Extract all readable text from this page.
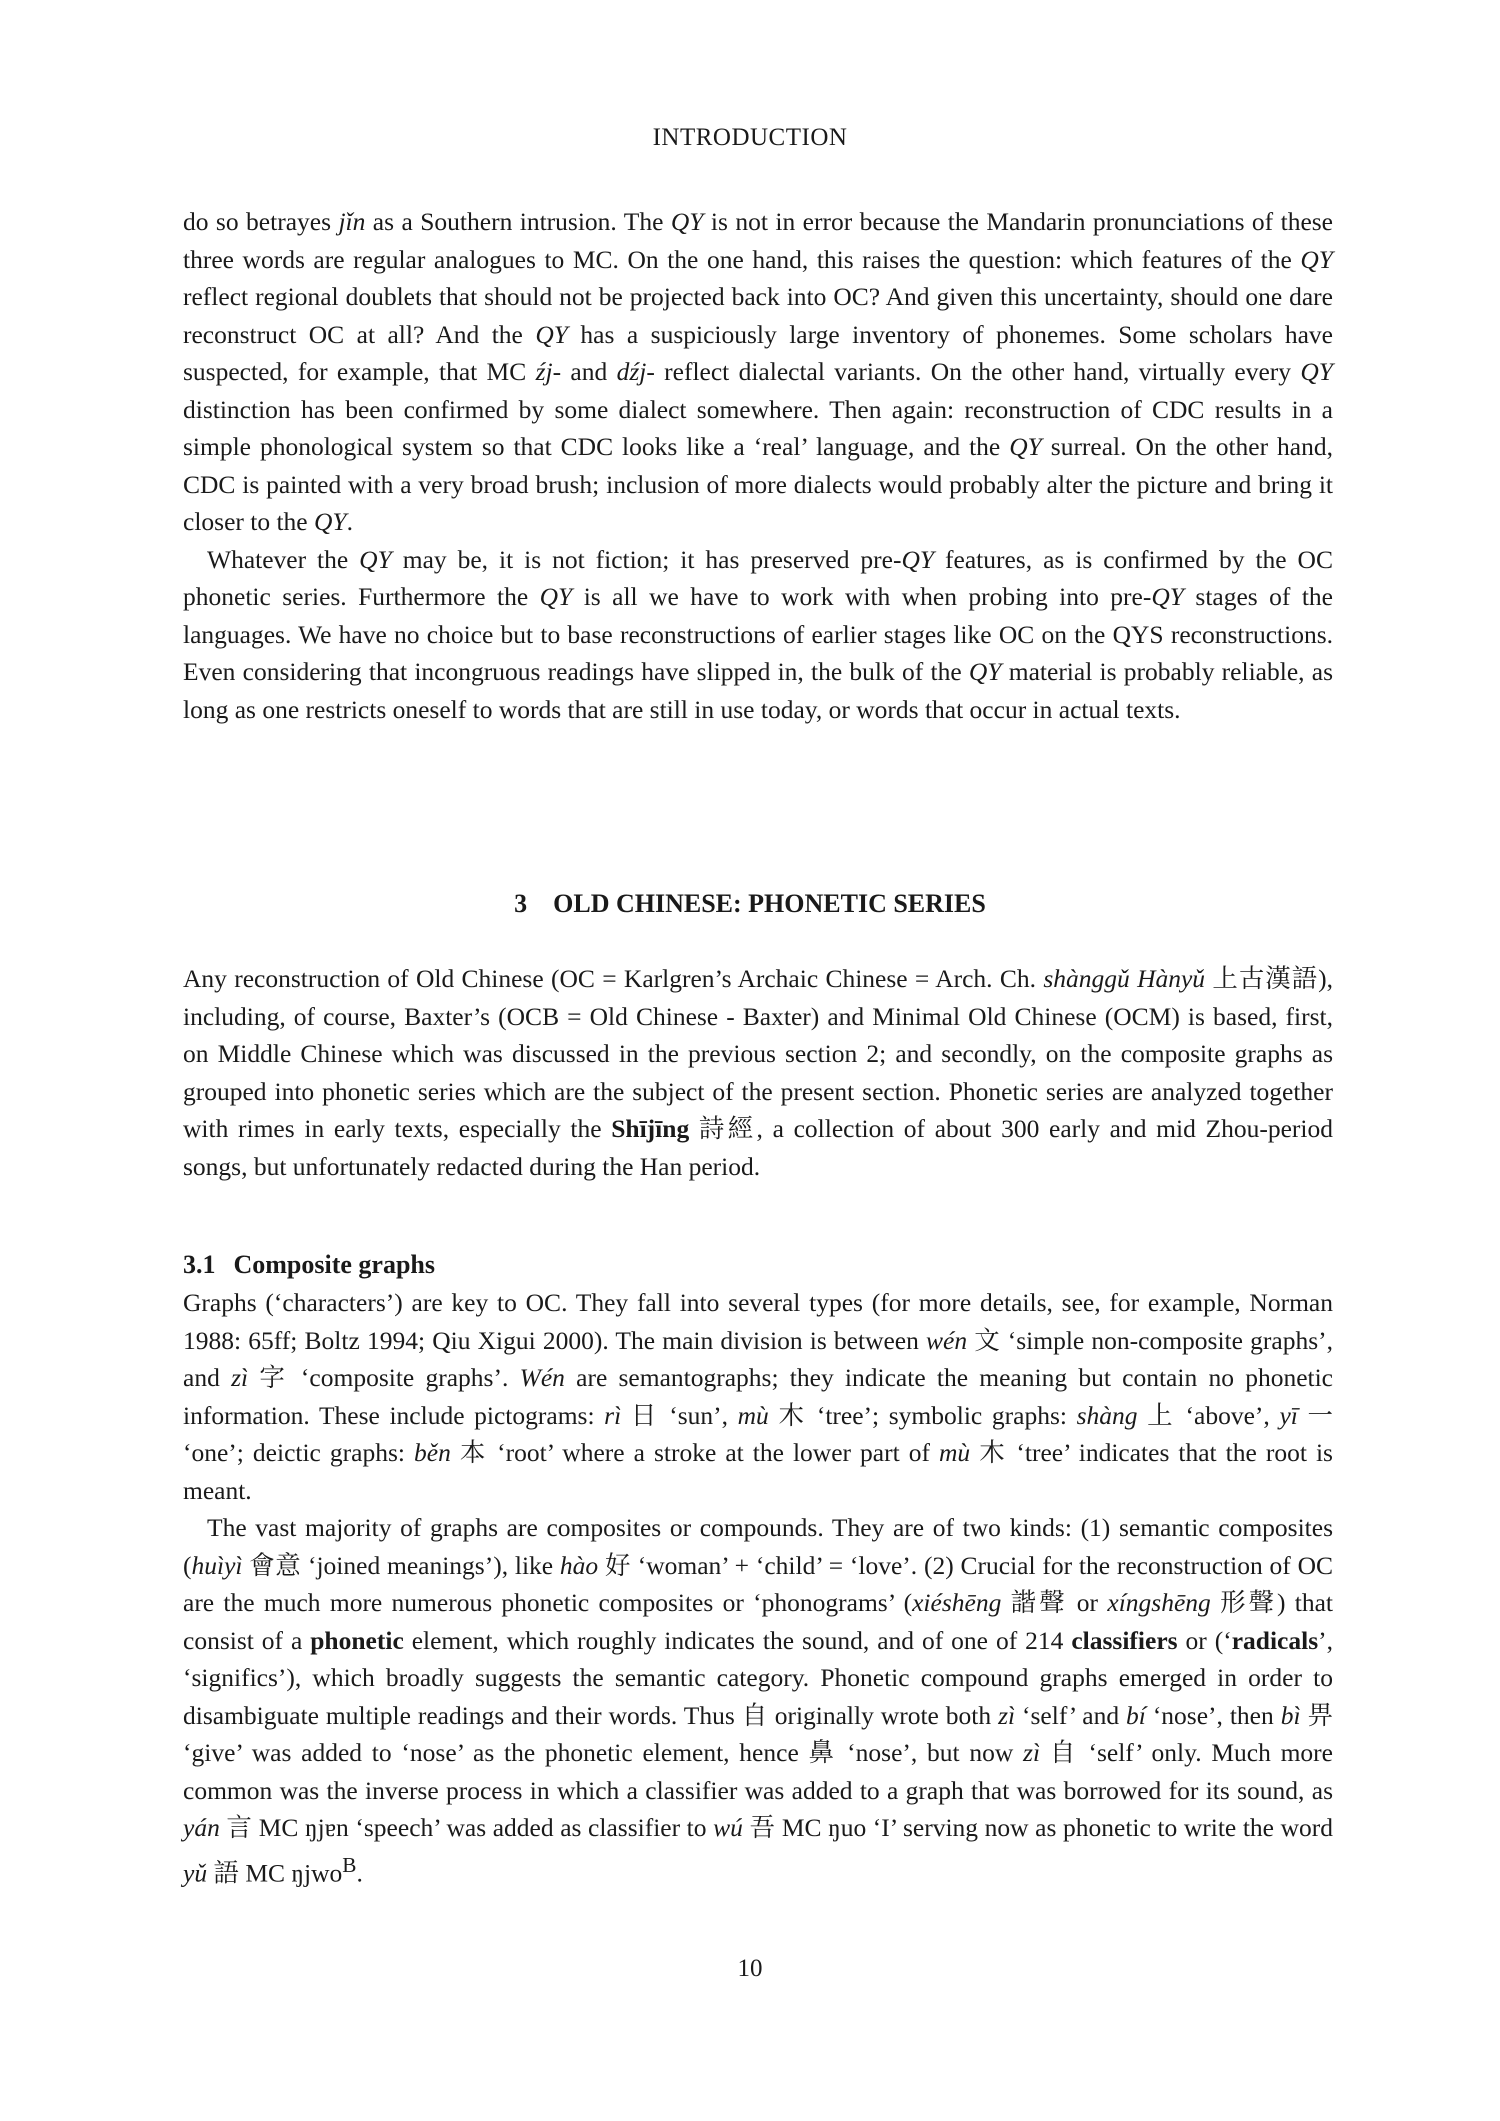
INTRODUCTION

do so betrayes jǐn as a Southern intrusion. The QY is not in error because the Mandarin pronunciations of these three words are regular analogues to MC. On the one hand, this raises the question: which features of the QY reflect regional doublets that should not be projected back into OC? And given this uncertainty, should one dare reconstruct OC at all? And the QY has a suspiciously large inventory of phonemes. Some scholars have suspected, for example, that MC źj- and dźj- reflect dialectal variants. On the other hand, virtually every QY distinction has been confirmed by some dialect somewhere. Then again: reconstruction of CDC results in a simple phonological system so that CDC looks like a ‘real’ language, and the QY surreal. On the other hand, CDC is painted with a very broad brush; inclusion of more dialects would probably alter the picture and bring it closer to the QY.

Whatever the QY may be, it is not fiction; it has preserved pre-QY features, as is confirmed by the OC phonetic series. Furthermore the QY is all we have to work with when probing into pre-QY stages of the languages. We have no choice but to base reconstructions of earlier stages like OC on the QYS reconstructions. Even considering that incongruous readings have slipped in, the bulk of the QY material is probably reliable, as long as one restricts oneself to words that are still in use today, or words that occur in actual texts.

3 OLD CHINESE: PHONETIC SERIES

Any reconstruction of Old Chinese (OC = Karlgren’s Archaic Chinese = Arch. Ch. shànggǔ Hànyǔ 上古漢語), including, of course, Baxter’s (OCB = Old Chinese - Baxter) and Minimal Old Chinese (OCM) is based, first, on Middle Chinese which was discussed in the previous section 2; and secondly, on the composite graphs as grouped into phonetic series which are the subject of the present section. Phonetic series are analyzed together with rimes in early texts, especially the Shījīng 詩經, a collection of about 300 early and mid Zhou-period songs, but unfortunately redacted during the Han period.

3.1 Composite graphs

Graphs (‘characters’) are key to OC. They fall into several types (for more details, see, for example, Norman 1988: 65ff; Boltz 1994; Qiu Xigui 2000). The main division is between wén 文 ‘simple non-composite graphs’, and zì 字 ‘composite graphs’. Wén are semantographs; they indicate the meaning but contain no phonetic information. These include pictograms: rì 日 ‘sun’, mù 木 ‘tree’; symbolic graphs: shàng 上 ‘above’, yī 一 ‘one’; deictic graphs: běn 本 ‘root’ where a stroke at the lower part of mù 木 ‘tree’ indicates that the root is meant.

The vast majority of graphs are composites or compounds. They are of two kinds: (1) semantic composites (huìyì 會意 ‘joined meanings’), like hào 好 ‘woman’ + ‘child’ = ‘love’. (2) Crucial for the reconstruction of OC are the much more numerous phonetic composites or ‘phonograms’ (xiéshēng 諧聲 or xíngshēng 形聲) that consist of a phonetic element, which roughly indicates the sound, and of one of 214 classifiers or (‘radicals’, ‘significs’), which broadly suggests the semantic category. Phonetic compound graphs emerged in order to disambiguate multiple readings and their words. Thus 自 originally wrote both zì ‘self’ and bí ‘nose’, then bì 畀 ‘give’ was added to ‘nose’ as the phonetic element, hence 鼻 ‘nose’, but now zì 自 ‘self’ only. Much more common was the inverse process in which a classifier was added to a graph that was borrowed for its sound, as yán 言 MC ŋjɐn ‘speech’ was added as classifier to wú 吾 MC ŋuo ‘I’ serving now as phonetic to write the word yǔ 語 MC ŋjwo$^B$.

10
